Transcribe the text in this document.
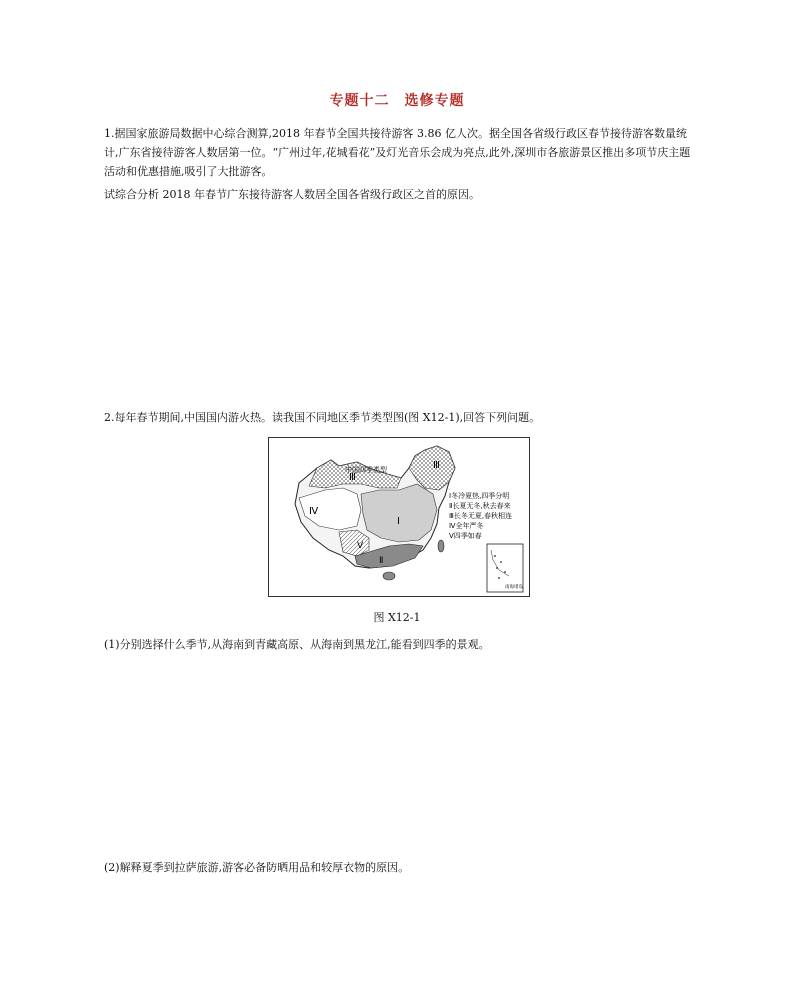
专题十二　选修专题
1.据国家旅游局数据中心综合测算,2018 年春节全国共接待游客 3.86 亿人次。据全国各省级行政区春节接待游客数量统计,广东省接待游客人数居第一位。“广州过年,花城看花”及灯光音乐会成为亮点,此外,深圳市各旅游景区推出多项节庆主题活动和优惠措施,吸引了大批游客。
试综合分析 2018 年春节广东接待游客人数居全国各省级行政区之首的原因。
2.每年春节期间,中国国内游火热。读我国不同地区季节类型图(图 X12-1),回答下列问题。
Ⅲ
Ⅲ
Ⅳ
Ⅰ
Ⅴ
Ⅱ
中国四季类型
Ⅰ冬冷夏热,四季分明
Ⅱ长夏无冬,秋去春来
Ⅲ长冬无夏,春秋相连
Ⅳ全年严冬
Ⅴ四季如春
南海诸岛
图 X12-1
(1)分别选择什么季节,从海南到青藏高原、从海南到黑龙江,能看到四季的景观。
(2)解释夏季到拉萨旅游,游客必备防晒用品和较厚衣物的原因。
